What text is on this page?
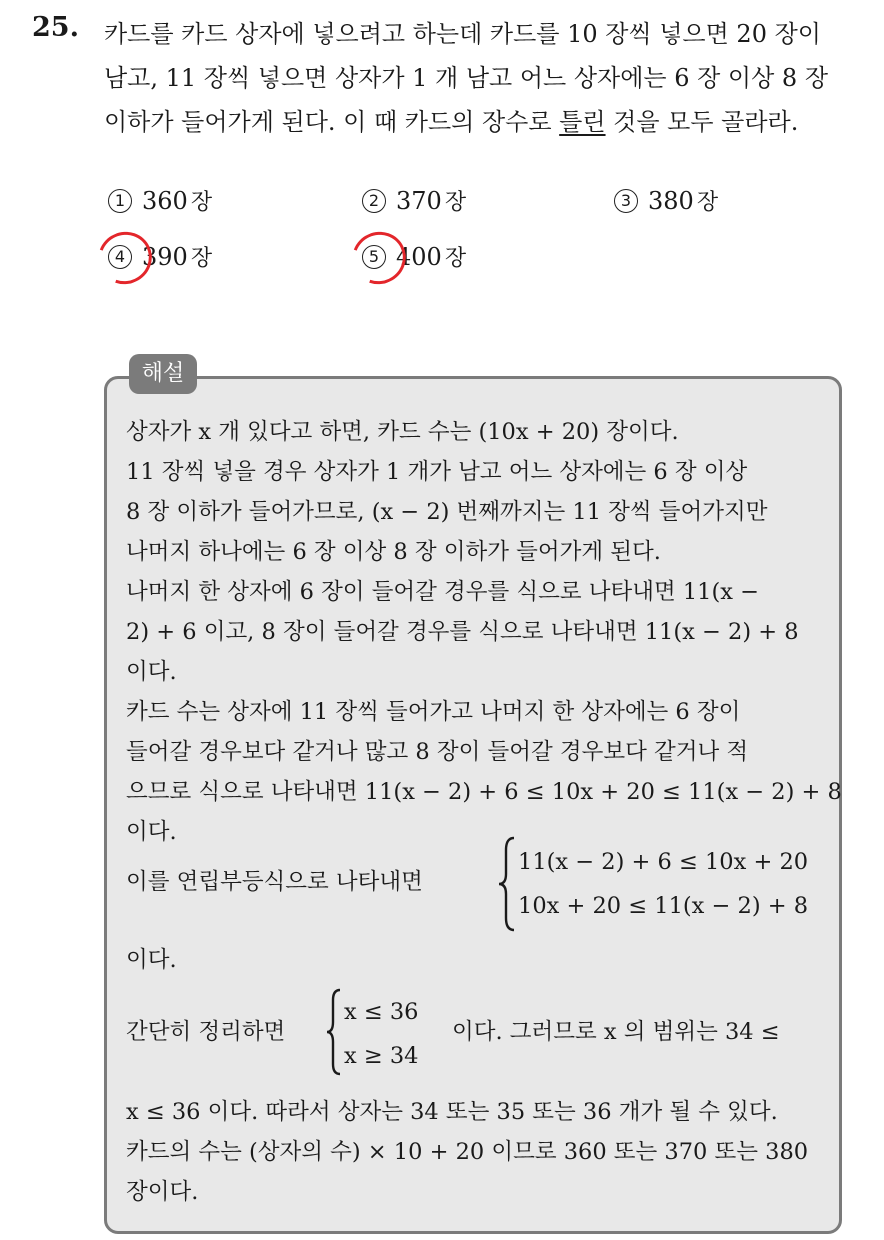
25. 카드를 카드 상자에 넣으려고 하는데 카드를 10 장씩 넣으면 20 장이
남고, 11 장씩 넣으면 상자가 1 개 남고 어느 상자에는 6 장 이상 8 장
이하가 들어가게 된다. 이 때 카드의 장수로 틀린 것을 모두 골라라.
1 360 장	2 370 장	3 380 장
4 390 장	5 400 장
해설
상자가 x 개 있다고 하면, 카드 수는 (10x + 20) 장이다.
11 장씩 넣을 경우 상자가 1 개가 남고 어느 상자에는 6 장 이상
8 장 이하가 들어가므로, (x − 2) 번째까지는 11 장씩 들어가지만
나머지 하나에는 6 장 이상 8 장 이하가 들어가게 된다.
나머지 한 상자에 6 장이 들어갈 경우를 식으로 나타내면 11(x −
2) + 6 이고, 8 장이 들어갈 경우를 식으로 나타내면 11(x − 2) + 8
이다.
카드 수는 상자에 11 장씩 들어가고 나머지 한 상자에는 6 장이
들어갈 경우보다 같거나 많고 8 장이 들어갈 경우보다 같거나 적
으므로 식으로 나타내면 11(x − 2) + 6 ≤ 10x + 20 ≤ 11(x − 2) + 8
이다.
이를 연립부등식으로 나타내면
11(x − 2) + 6 ≤ 10x + 20
10x + 20 ≤ 11(x − 2) + 8
이다.
간단히 정리하면
x ≤ 36
x ≥ 34
이다. 그러므로 x 의 범위는 34 ≤
x ≤ 36 이다. 따라서 상자는 34 또는 35 또는 36 개가 될 수 있다.
카드의 수는 (상자의 수) × 10 + 20 이므로 360 또는 370 또는 380
장이다.
